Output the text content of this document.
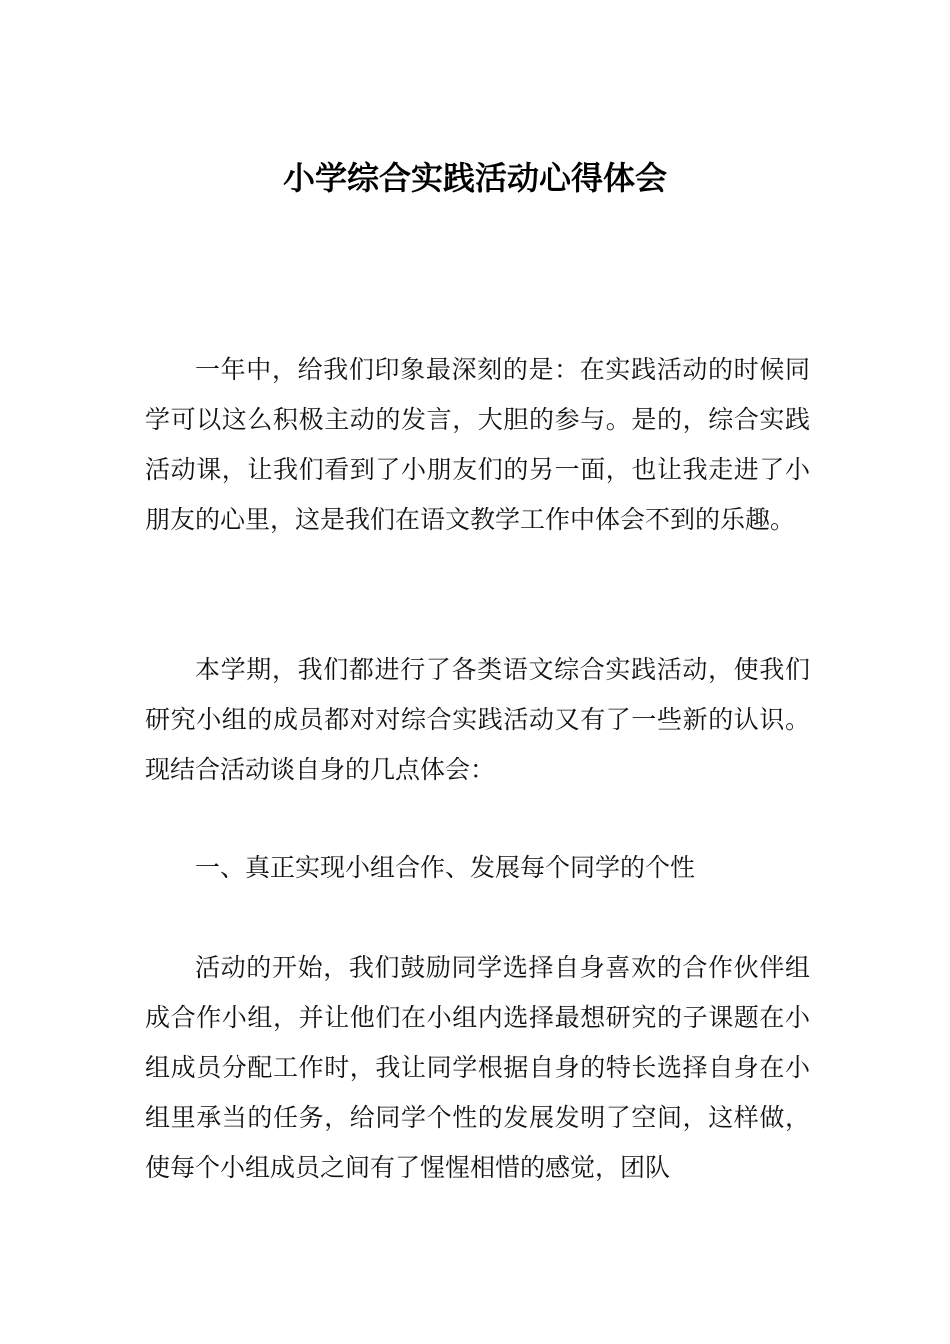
小学综合实践活动心得体会

一年中，给我们印象最深刻的是：在实践活动的时候同学可以这么积极主动的发言，大胆的参与。是的，综合实践活动课，让我们看到了小朋友们的另一面，也让我走进了小朋友的心里，这是我们在语文教学工作中体会不到的乐趣。

本学期，我们都进行了各类语文综合实践活动，使我们研究小组的成员都对对综合实践活动又有了一些新的认识。现结合活动谈自身的几点体会：

一、真正实现小组合作、发展每个同学的个性

活动的开始，我们鼓励同学选择自身喜欢的合作伙伴组成合作小组，并让他们在小组内选择最想研究的子课题在小组成员分配工作时，我让同学根据自身的特长选择自身在小组里承当的任务，给同学个性的发展发明了空间，这样做，使每个小组成员之间有了惺惺相惜的感觉，团队
